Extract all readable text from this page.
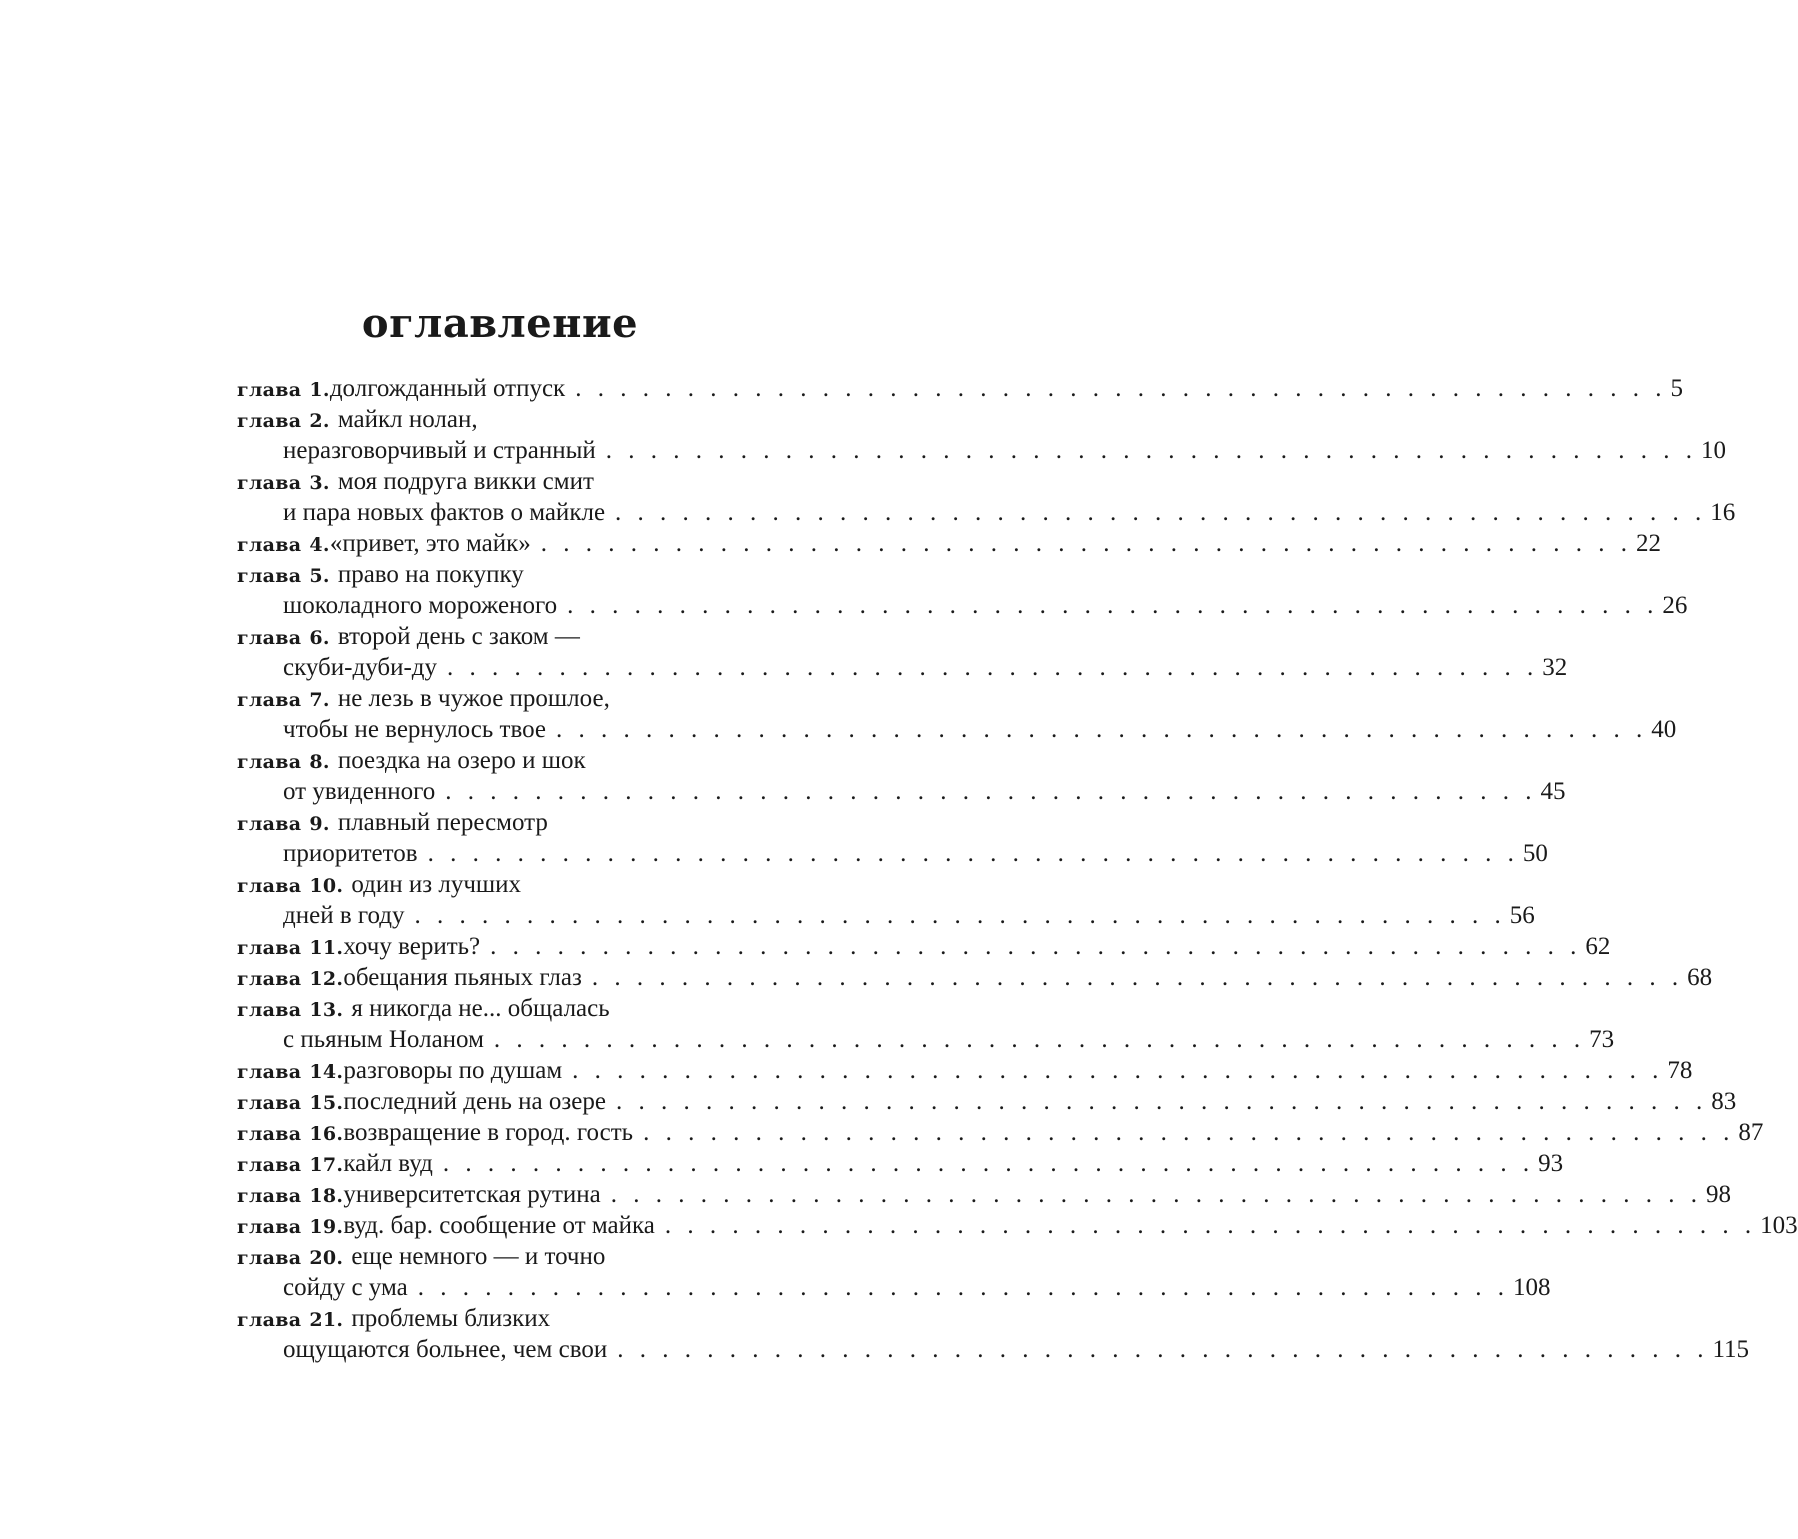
оглавление
глава 1. долгожданный отпуск . . . . . . . . . . . . . . . . . . . . . . . . . . . . . . . . . . . . . . . . . . . . . . . . . 5
глава 2. майкл нолан,
неразговорчивый и странный . . . . . . . . . . . . . . . . . . . . . . . . . . . . . . . . . . . . . . . . . . . . . . . . . 10
глава 3. моя подруга викки смит
и пара новых фактов о майкле . . . . . . . . . . . . . . . . . . . . . . . . . . . . . . . . . . . . . . . . . . . . . . . . . 16
глава 4. «привет, это майк» . . . . . . . . . . . . . . . . . . . . . . . . . . . . . . . . . . . . . . . . . . . . . . . . . 22
глава 5. право на покупку
шоколадного мороженого . . . . . . . . . . . . . . . . . . . . . . . . . . . . . . . . . . . . . . . . . . . . . . . . . 26
глава 6. второй день с заком —
скуби-дуби-ду . . . . . . . . . . . . . . . . . . . . . . . . . . . . . . . . . . . . . . . . . . . . . . . . . 32
глава 7. не лезь в чужое прошлое,
чтобы не вернулось твое . . . . . . . . . . . . . . . . . . . . . . . . . . . . . . . . . . . . . . . . . . . . . . . . . 40
глава 8. поездка на озеро и шок
от увиденного . . . . . . . . . . . . . . . . . . . . . . . . . . . . . . . . . . . . . . . . . . . . . . . . . 45
глава 9. плавный пересмотр
приоритетов . . . . . . . . . . . . . . . . . . . . . . . . . . . . . . . . . . . . . . . . . . . . . . . . . 50
глава 10. один из лучших
дней в году . . . . . . . . . . . . . . . . . . . . . . . . . . . . . . . . . . . . . . . . . . . . . . . . . 56
глава 11. хочу верить? . . . . . . . . . . . . . . . . . . . . . . . . . . . . . . . . . . . . . . . . . . . . . . . . . 62
глава 12. обещания пьяных глаз . . . . . . . . . . . . . . . . . . . . . . . . . . . . . . . . . . . . . . . . . . . . . . . . . 68
глава 13. я никогда не... общалась
с пьяным Ноланом . . . . . . . . . . . . . . . . . . . . . . . . . . . . . . . . . . . . . . . . . . . . . . . . . 73
глава 14. разговоры по душам . . . . . . . . . . . . . . . . . . . . . . . . . . . . . . . . . . . . . . . . . . . . . . . . . 78
глава 15. последний день на озере . . . . . . . . . . . . . . . . . . . . . . . . . . . . . . . . . . . . . . . . . . . . . . . . . 83
глава 16. возвращение в город. гость . . . . . . . . . . . . . . . . . . . . . . . . . . . . . . . . . . . . . . . . . . . . . . . . . 87
глава 17. кайл вуд . . . . . . . . . . . . . . . . . . . . . . . . . . . . . . . . . . . . . . . . . . . . . . . . . 93
глава 18. университетская рутина . . . . . . . . . . . . . . . . . . . . . . . . . . . . . . . . . . . . . . . . . . . . . . . . . 98
глава 19. вуд. бар. сообщение от майка . . . . . . . . . . . . . . . . . . . . . . . . . . . . . . . . . . . . . . . . . . . . . . . . . 103
глава 20. еще немного — и точно
сойду с ума . . . . . . . . . . . . . . . . . . . . . . . . . . . . . . . . . . . . . . . . . . . . . . . . . 108
глава 21. проблемы близких
ощущаются больнее, чем свои . . . . . . . . . . . . . . . . . . . . . . . . . . . . . . . . . . . . . . . . . . . . . . . . . 115
